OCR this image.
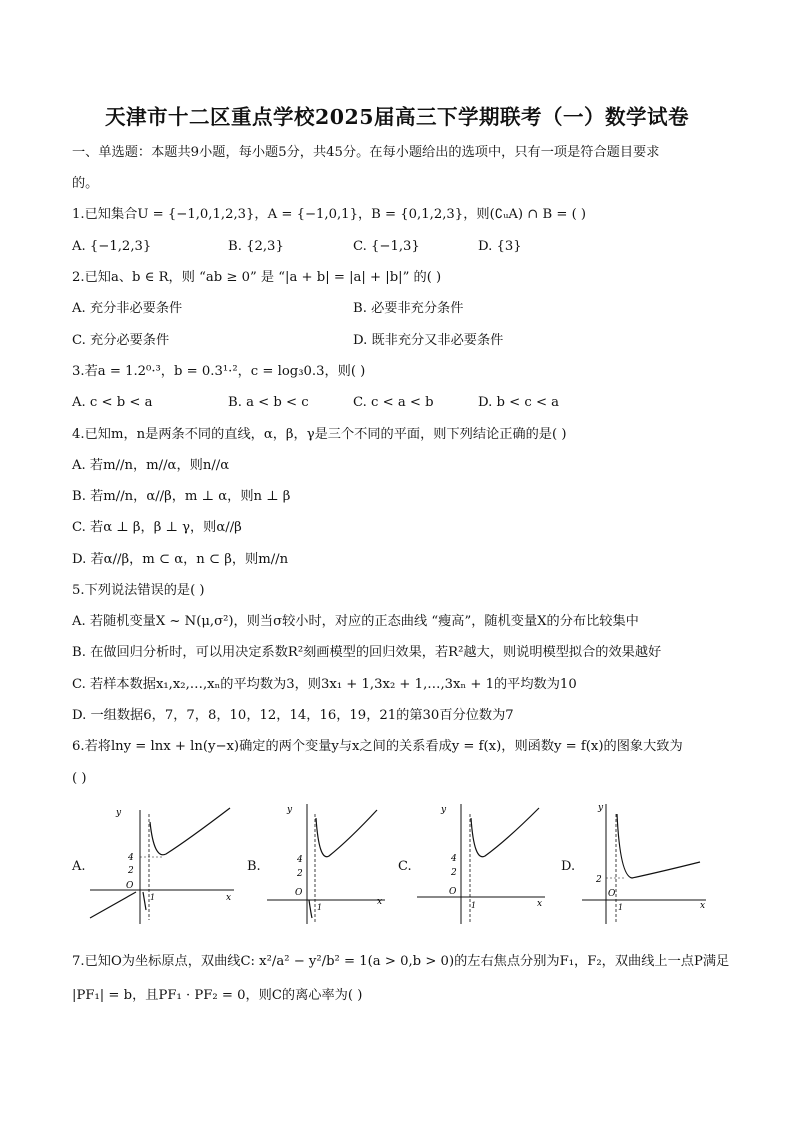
天津市十二区重点学校2025届高三下学期联考（一）数学试卷
一、单选题：本题共9小题，每小题5分，共45分。在每小题给出的选项中，只有一项是符合题目要求
的。
1.已知集合U = {−1,0,1,2,3}，A = {−1,0,1}，B = {0,1,2,3}，则(∁ᵤA) ∩ B = ( )
A. {−1,2,3}	B. {2,3}	C. {−1,3}	D. {3}
2.已知a、b ∈ R，则 “ab ≥ 0” 是 “|a + b| = |a| + |b|” 的( )
A. 充分非必要条件	B. 必要非充分条件
C. 充分必要条件	D. 既非充分又非必要条件
3.若a = 1.2⁰·³，b = 0.3¹·²，c = log₃0.3，则( )
A. c < b < a	B. a < b < c	C. c < a < b	D. b < c < a
4.已知m，n是两条不同的直线，α，β，γ是三个不同的平面，则下列结论正确的是( )
A. 若m//n，m//α，则n//α
B. 若m//n，α//β，m ⊥ α，则n ⊥ β
C. 若α ⊥ β，β ⊥ γ，则α//β
D. 若α//β，m ⊂ α，n ⊂ β，则m//n
5.下列说法错误的是( )
A. 若随机变量X ~ N(μ,σ²)，则当σ较小时，对应的正态曲线 “瘦高”，随机变量X的分布比较集中
B. 在做回归分析时，可以用决定系数R²刻画模型的回归效果，若R²越大，则说明模型拟合的效果越好
C. 若样本数据x₁,x₂,…,xₙ的平均数为3，则3x₁ + 1,3x₂ + 1,…,3xₙ + 1的平均数为10
D. 一组数据6，7，7，8，10，12，14，16，19，21的第30百分位数为7
6.若将lny = lnx + ln(y−x)确定的两个变量y与x之间的关系看成y = f(x)，则函数y = f(x)的图象大致为
( )
A.	B.	C.	D.
y
4
2
O
1	x
y
4
2
O
1
x
y
4
2
O
1	x
y
2
O
1	x
7.已知O为坐标原点，双曲线C: x²/a² − y²/b² = 1(a > 0,b > 0)的左右焦点分别为F₁，F₂，双曲线上一点P满足
|PF₁| = b，且PF₁ · PF₂ = 0，则C的离心率为( )
